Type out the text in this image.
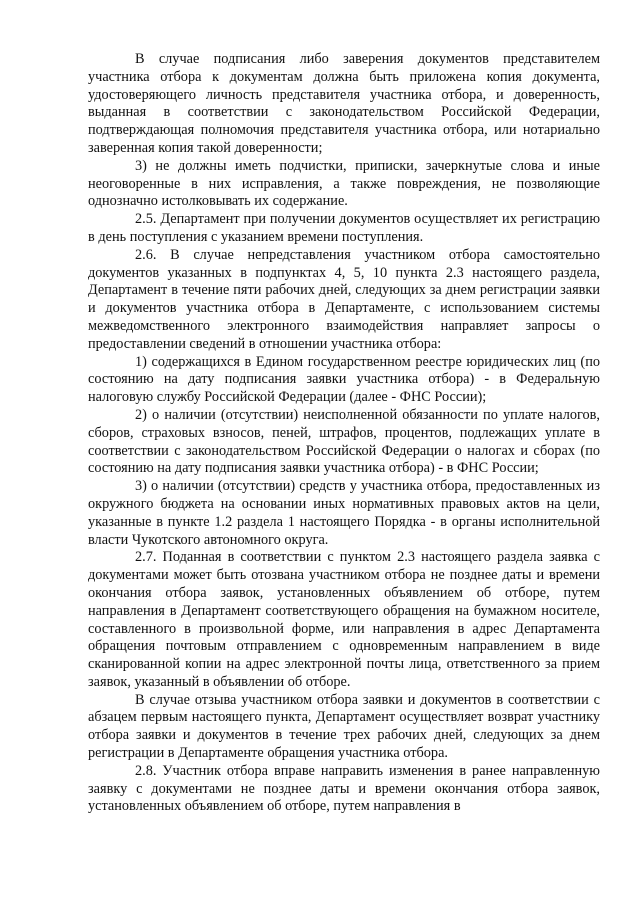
В случае подписания либо заверения документов представителем участника отбора к документам должна быть приложена копия документа, удостоверяющего личность представителя участника отбора, и доверенность, выданная в соответствии с законодательством Российской Федерации, подтверждающая полномочия представителя участника отбора, или нотариально заверенная копия такой доверенности;

3) не должны иметь подчистки, приписки, зачеркнутые слова и иные неоговоренные в них исправления, а также повреждения, не позволяющие однозначно истолковывать их содержание.

2.5. Департамент при получении документов осуществляет их регистрацию в день поступления с указанием времени поступления.

2.6. В случае непредставления участником отбора самостоятельно документов указанных в подпунктах 4, 5, 10 пункта 2.3 настоящего раздела, Департамент в течение пяти рабочих дней, следующих за днем регистрации заявки и документов участника отбора в Департаменте, с использованием системы межведомственного электронного взаимодействия направляет запросы о предоставлении сведений в отношении участника отбора:

1) содержащихся в Едином государственном реестре юридических лиц (по состоянию на дату подписания заявки участника отбора) - в Федеральную налоговую службу Российской Федерации (далее - ФНС России);

2) о наличии (отсутствии) неисполненной обязанности по уплате налогов, сборов, страховых взносов, пеней, штрафов, процентов, подлежащих уплате в соответствии с законодательством Российской Федерации о налогах и сборах (по состоянию на дату подписания заявки участника отбора) - в ФНС России;

3) о наличии (отсутствии) средств у участника отбора, предоставленных из окружного бюджета на основании иных нормативных правовых актов на цели, указанные в пункте 1.2 раздела 1 настоящего Порядка - в органы исполнительной власти Чукотского автономного округа.

2.7. Поданная в соответствии с пунктом 2.3 настоящего раздела заявка с документами может быть отозвана участником отбора не позднее даты и времени окончания отбора заявок, установленных объявлением об отборе, путем направления в Департамент соответствующего обращения на бумажном носителе, составленного в произвольной форме, или направления в адрес Департамента обращения почтовым отправлением с одновременным направлением в виде сканированной копии на адрес электронной почты лица, ответственного за прием заявок, указанный в объявлении об отборе.

В случае отзыва участником отбора заявки и документов в соответствии с абзацем первым настоящего пункта, Департамент осуществляет возврат участнику отбора заявки и документов в течение трех рабочих дней, следующих за днем регистрации в Департаменте обращения участника отбора.

2.8. Участник отбора вправе направить изменения в ранее направленную заявку с документами не позднее даты и времени окончания отбора заявок, установленных объявлением об отборе, путем направления в
